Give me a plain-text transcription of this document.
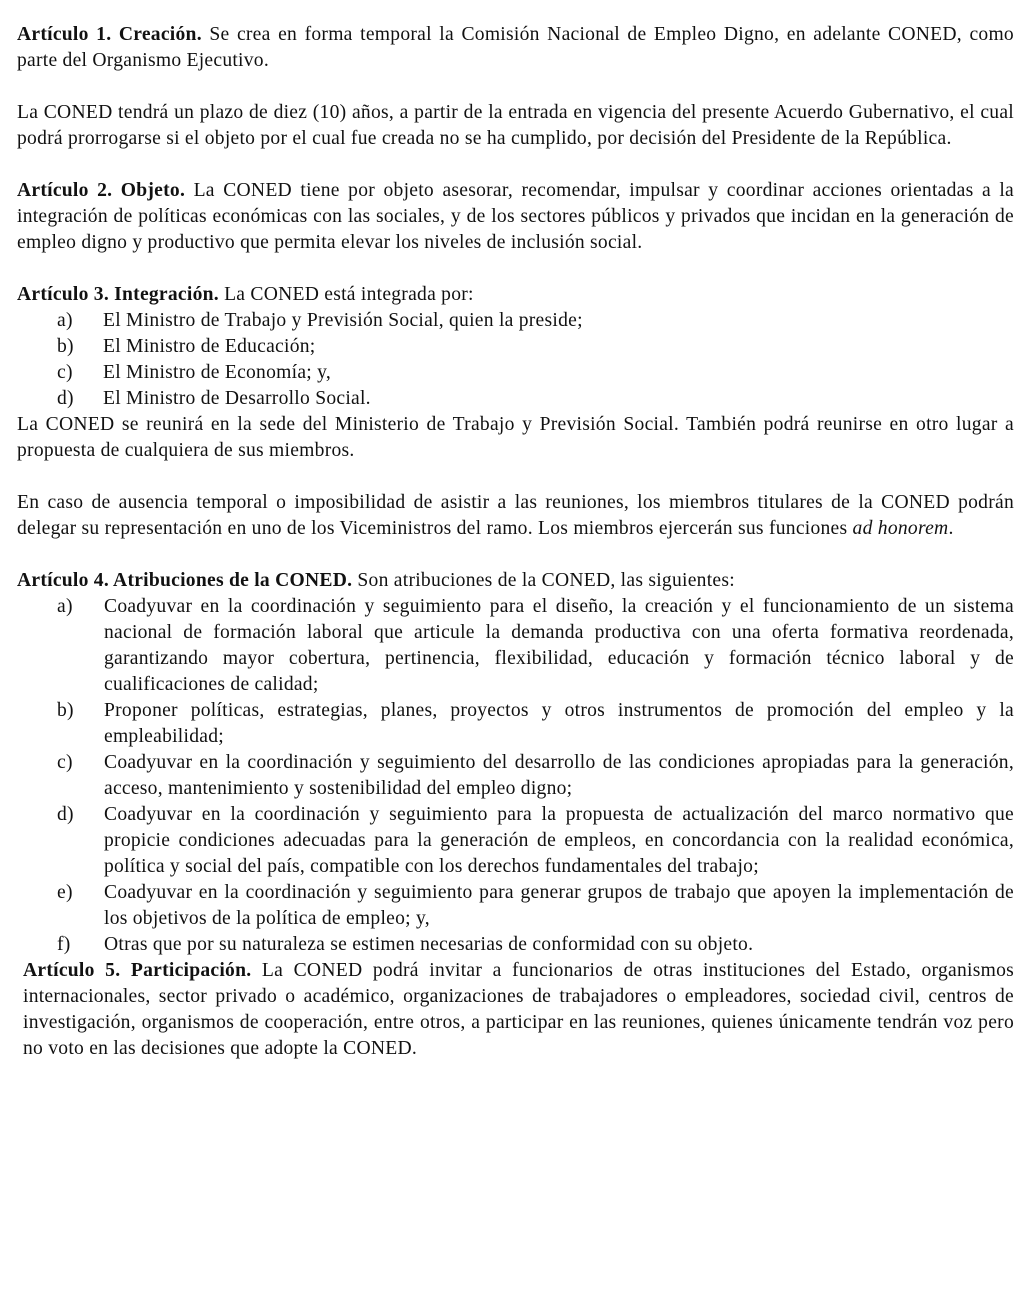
Artículo 1. Creación. Se crea en forma temporal la Comisión Nacional de Empleo Digno, en adelante CONED, como parte del Organismo Ejecutivo.

La CONED tendrá un plazo de diez (10) años, a partir de la entrada en vigencia del presente Acuerdo Gubernativo, el cual podrá prorrogarse si el objeto por el cual fue creada no se ha cumplido, por decisión del Presidente de la República.

Artículo 2. Objeto. La CONED tiene por objeto asesorar, recomendar, impulsar y coordinar acciones orientadas a la integración de políticas económicas con las sociales, y de los sectores públicos y privados que incidan en la generación de empleo digno y productivo que permita elevar los niveles de inclusión social.

Artículo 3. Integración. La CONED está integrada por:

a) El Ministro de Trabajo y Previsión Social, quien la preside;
b) El Ministro de Educación;
c) El Ministro de Economía; y,
d) El Ministro de Desarrollo Social.

La CONED se reunirá en la sede del Ministerio de Trabajo y Previsión Social. También podrá reunirse en otro lugar a propuesta de cualquiera de sus miembros.

En caso de ausencia temporal o imposibilidad de asistir a las reuniones, los miembros titulares de la CONED podrán delegar su representación en uno de los Viceministros del ramo. Los miembros ejercerán sus funciones ad honorem.

Artículo 4. Atribuciones de la CONED. Son atribuciones de la CONED, las siguientes:

a) Coadyuvar en la coordinación y seguimiento para el diseño, la creación y el funcionamiento de un sistema nacional de formación laboral que articule la demanda productiva con una oferta formativa reordenada, garantizando mayor cobertura, pertinencia, flexibilidad, educación y formación técnico laboral y de cualificaciones de calidad;
b) Proponer políticas, estrategias, planes, proyectos y otros instrumentos de promoción del empleo y la empleabilidad;
c) Coadyuvar en la coordinación y seguimiento del desarrollo de las condiciones apropiadas para la generación, acceso, mantenimiento y sostenibilidad del empleo digno;
d) Coadyuvar en la coordinación y seguimiento para la propuesta de actualización del marco normativo que propicie condiciones adecuadas para la generación de empleos, en concordancia con la realidad económica, política y social del país, compatible con los derechos fundamentales del trabajo;
e) Coadyuvar en la coordinación y seguimiento para generar grupos de trabajo que apoyen la implementación de los objetivos de la política de empleo; y,
f) Otras que por su naturaleza se estimen necesarias de conformidad con su objeto.

Artículo 5. Participación. La CONED podrá invitar a funcionarios de otras instituciones del Estado, organismos internacionales, sector privado o académico, organizaciones de trabajadores o empleadores, sociedad civil, centros de investigación, organismos de cooperación, entre otros, a participar en las reuniones, quienes únicamente tendrán voz pero no voto en las decisiones que adopte la CONED.
